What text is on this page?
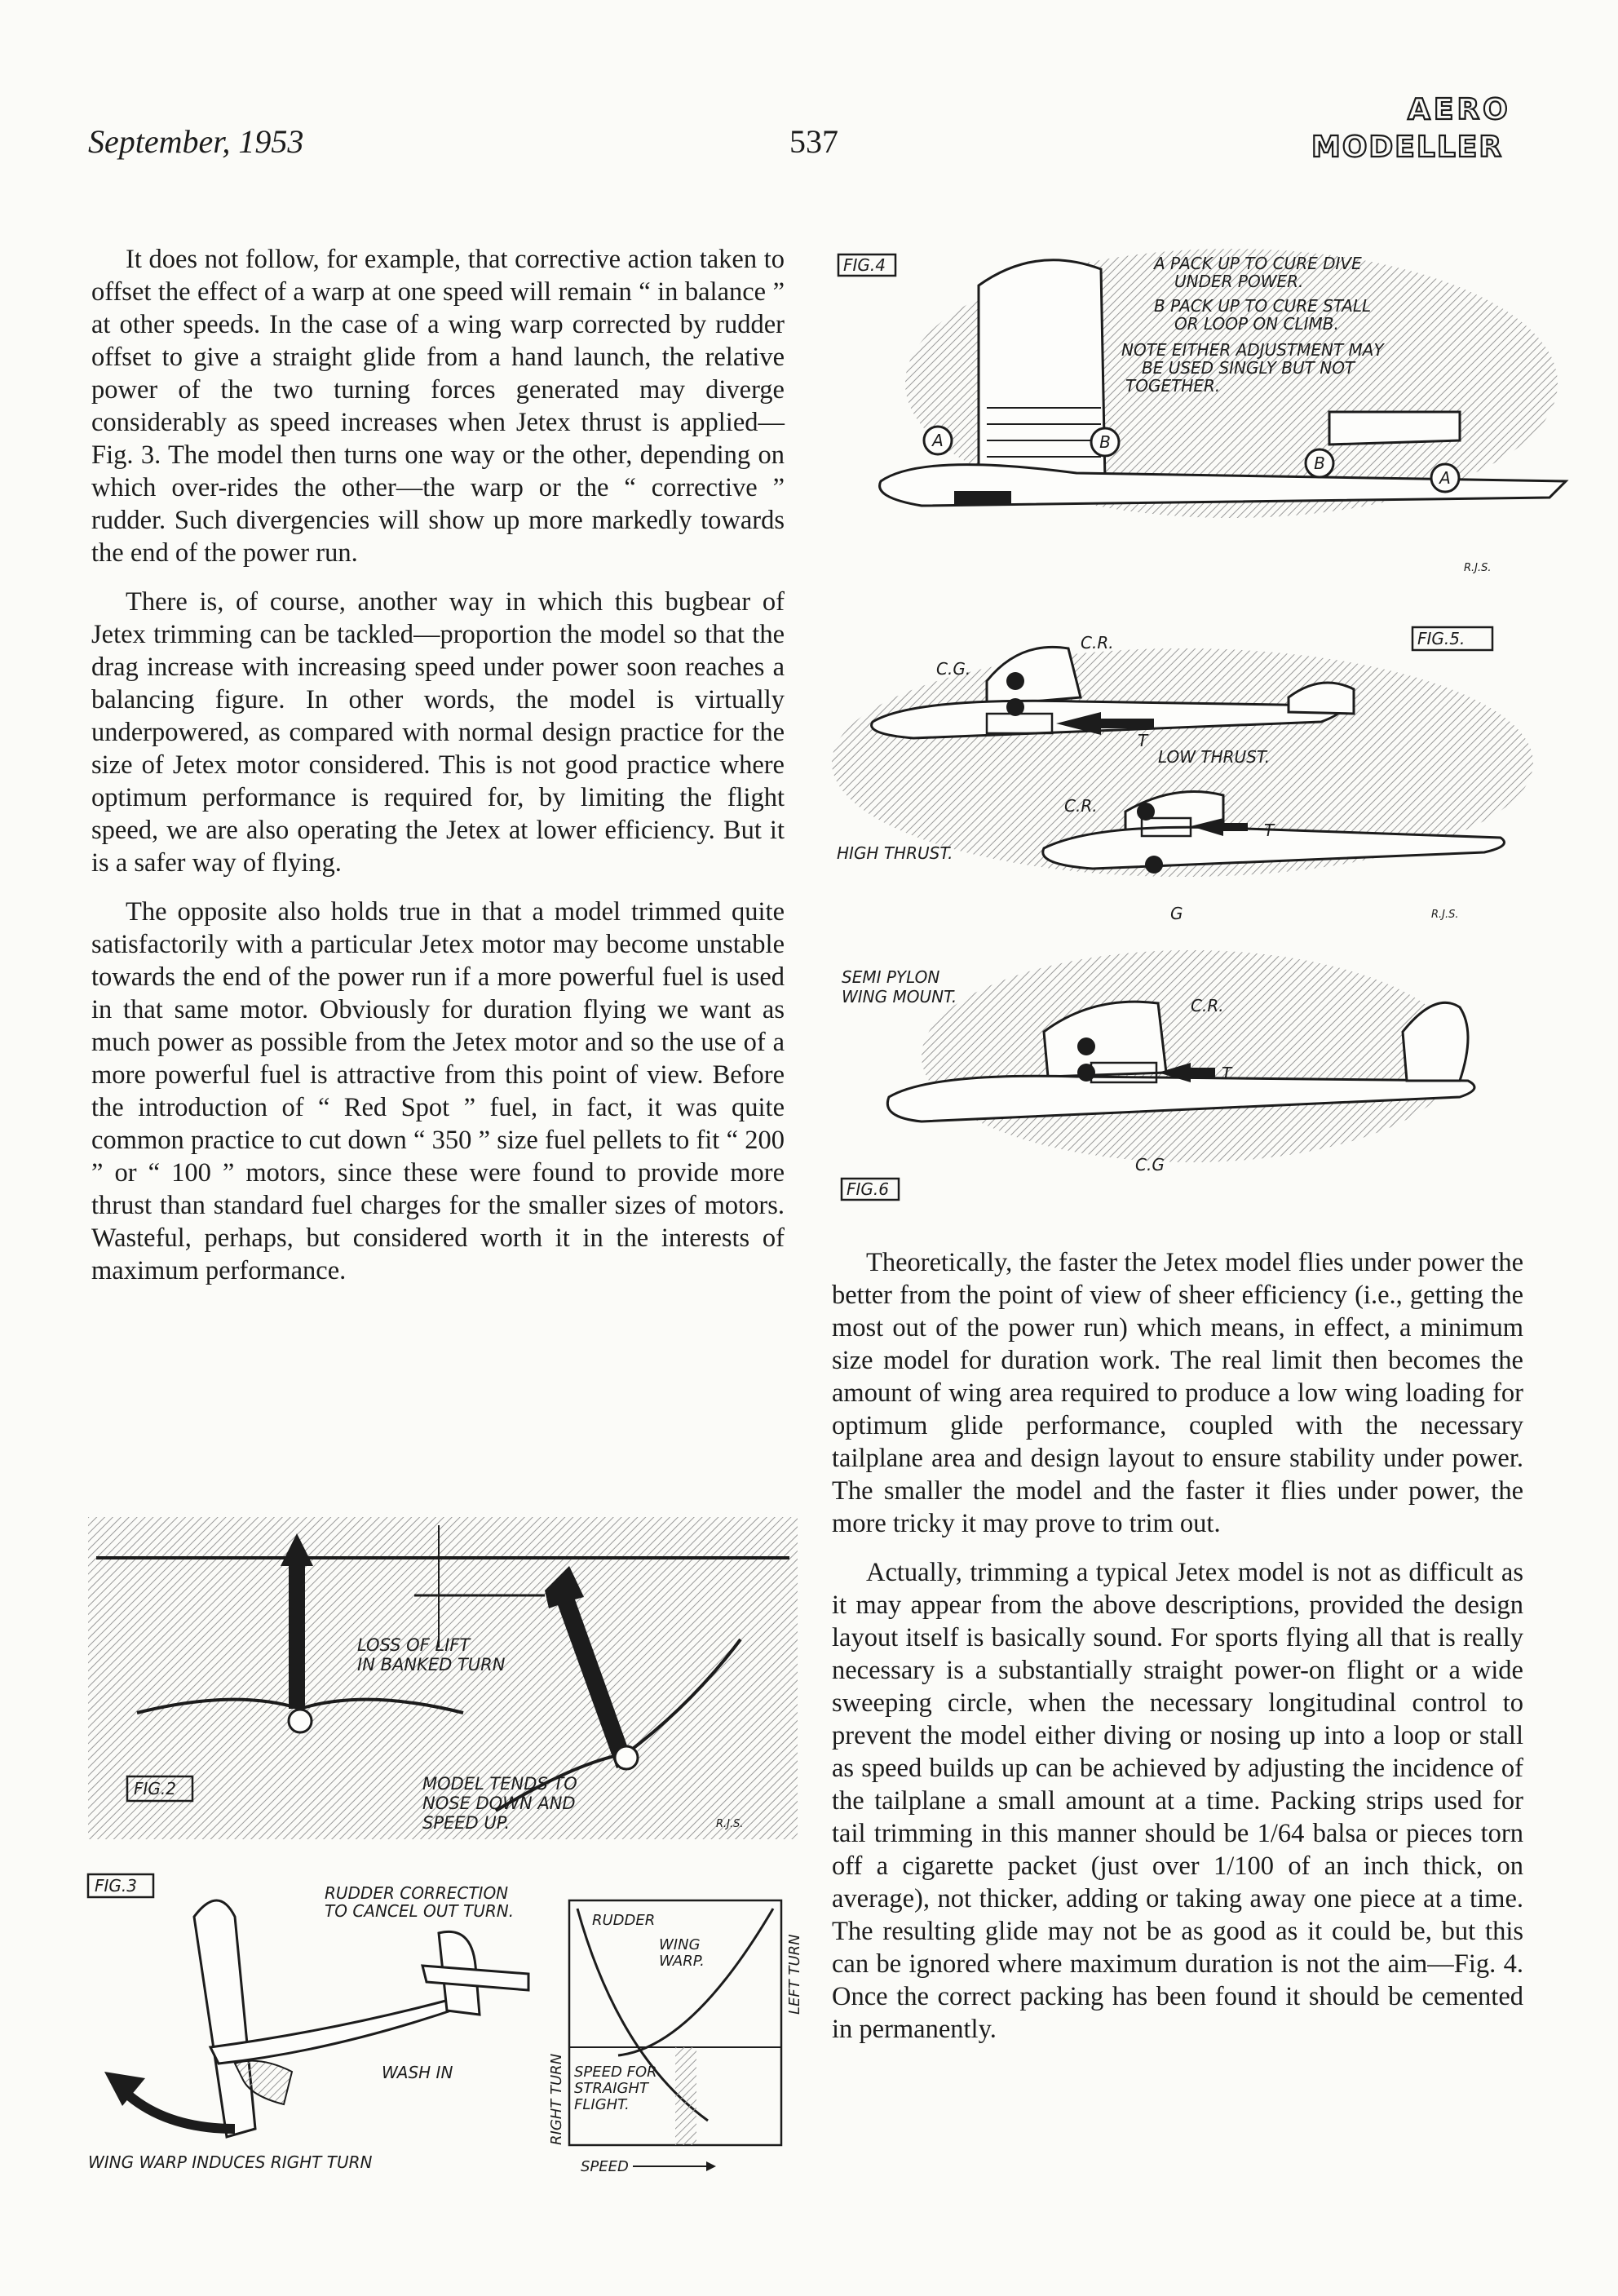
September, 1953	537
AERO
MODELLER

It does not follow, for example, that corrective action taken to offset the effect of a warp at one speed will remain “ in balance ” at other speeds. In the case of a wing warp corrected by rudder offset to give a straight glide from a hand launch, the relative power of the two turning forces generated may diverge considerably as speed increases when Jetex thrust is applied—Fig. 3. The model then turns one way or the other, depending on which over-rides the other—the warp or the “ corrective ” rudder. Such divergencies will show up more markedly towards the end of the power run.

There is, of course, another way in which this bugbear of Jetex trimming can be tackled—proportion the model so that the drag increase with increasing speed under power soon reaches a balancing figure. In other words, the model is virtually underpowered, as compared with normal design practice for the size of Jetex motor considered. This is not good practice where optimum performance is required for, by limiting the flight speed, we are also operating the Jetex at lower efficiency. But it is a safer way of flying.

The opposite also holds true in that a model trimmed quite satisfactorily with a particular Jetex motor may become unstable towards the end of the power run if a more powerful fuel is used in that same motor. Obviously for duration flying we want as much power as possible from the Jetex motor and so the use of a more powerful fuel is attractive from this point of view. Before the introduction of “ Red Spot ” fuel, in fact, it was quite common practice to cut down “ 350 ” size fuel pellets to fit “ 200 ” or “ 100 ” motors, since these were found to provide more thrust than standard fuel charges for the smaller sizes of motors. Wasteful, perhaps, but considered worth it in the interests of maximum performance.	Theoretically, the faster the Jetex model flies under power the better from the point of view of sheer efficiency (i.e., getting the most out of the power run) which means, in effect, a minimum size model for duration work. The real limit then becomes the amount of wing area required to produce a low wing loading for optimum glide performance, coupled with the necessary tailplane area and design layout to ensure stability under power. The smaller the model and the faster it flies under power, the more tricky it may prove to trim out.

Actually, trimming a typical Jetex model is not as difficult as it may appear from the above descriptions, provided the design layout itself is basically sound. For sports flying all that is really necessary is a substantially straight power-on flight or a wide sweeping circle, when the necessary longitudinal control to prevent the model either diving or nosing up into a loop or stall as speed builds up can be achieved by adjusting the incidence of the tailplane a small amount at a time. Packing strips used for tail trimming in this manner should be 1/64 balsa or pieces torn off a cigarette packet (just over 1/100 of an inch thick, on average), not thicker, adding or taking away one piece at a time. The resulting glide may not be as good as it could be, but this can be ignored where maximum duration is not the aim—Fig. 4. Once the correct packing has been found it should be cemented in permanently.

FIG.4
A	B
B
A
A PACK UP TO CURE DIVE
UNDER POWER.
B PACK UP TO CURE STALL
OR LOOP ON CLIMB.
NOTE EITHER ADJUSTMENT MAY
BE USED SINGLY BUT NOT
TOGETHER.
R.J.S.
FIG.5.
C.G.
C.R.
T
LOW THRUST.
C.R.
T
G
HIGH THRUST.
R.J.S.
SEMI PYLON
WING MOUNT.	C.R.
T
C.G
FIG.6
LOSS OF LIFT
IN BANKED TURN
MODEL TENDS TO
NOSE DOWN AND
SPEED UP.
FIG.2
R.J.S.
FIG.3	RUDDER CORRECTION
TO CANCEL OUT TURN.
WASH IN
WING WARP INDUCES RIGHT TURN
RUDDER
WING
WARP.
SPEED FOR
STRAIGHT
FLIGHT.
SPEED
RIGHT TURN
LEFT TURN
